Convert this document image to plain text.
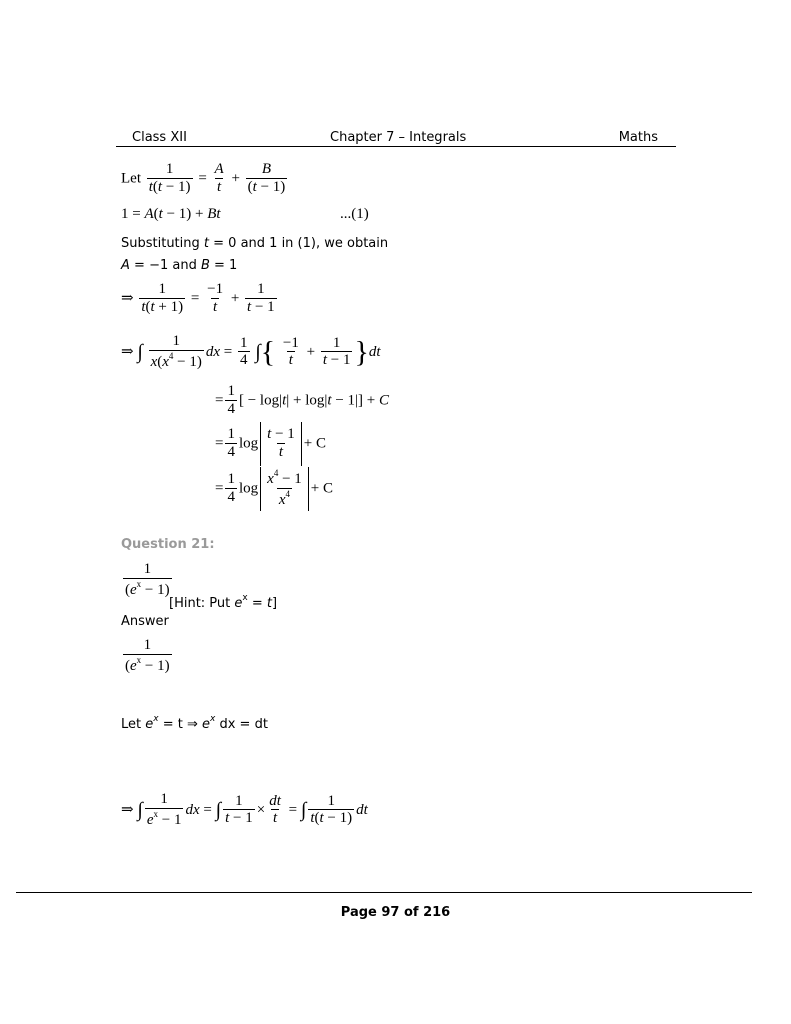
Class XII	Chapter 7 – Integrals	Maths
Let $\frac{1}{t(t - 1)} = \frac{A}{t} + \frac{B}{(t - 1)}$
1 = A(t − 1) + Bt	...(1)
Substituting t = 0 and 1 in (1), we obtain
A = −1 and B = 1
⇒ $\frac{1}{t(t + 1)} = \frac{-1}{t} + \frac{1}{t - 1}$
⇒ ∫ $\frac{1}{x(x^4 - 1)}$ dx = $\frac{1}{4}$ ∫{ $\frac{-1}{t} + \frac{1}{t - 1} \}dt$
= $\frac{1}{4}$ [ − log|t| + log|t − 1|] + C
= $\frac{1}{4}$ $\log \frac{t - 1}{t} + C$
= $\frac{1}{4}$ $\log \frac{x^4 - 1}{x^4} + C$
Question 21:
$\frac{1}{(e^x - 1)}$
[Hint: Put $e^x = t$]
Answer
$\frac{1}{(e^x - 1)}$
Let $e^x = t$ ⇒ $e^x$ dx = dt
⇒ ∫ $\frac{1}{e^x - 1}$ dx = ∫ $\frac{1}{t - 1} \times \frac{dt}{t}$ = ∫ $\frac{1}{t(t - 1)}$ dt
Page 97 of 216
